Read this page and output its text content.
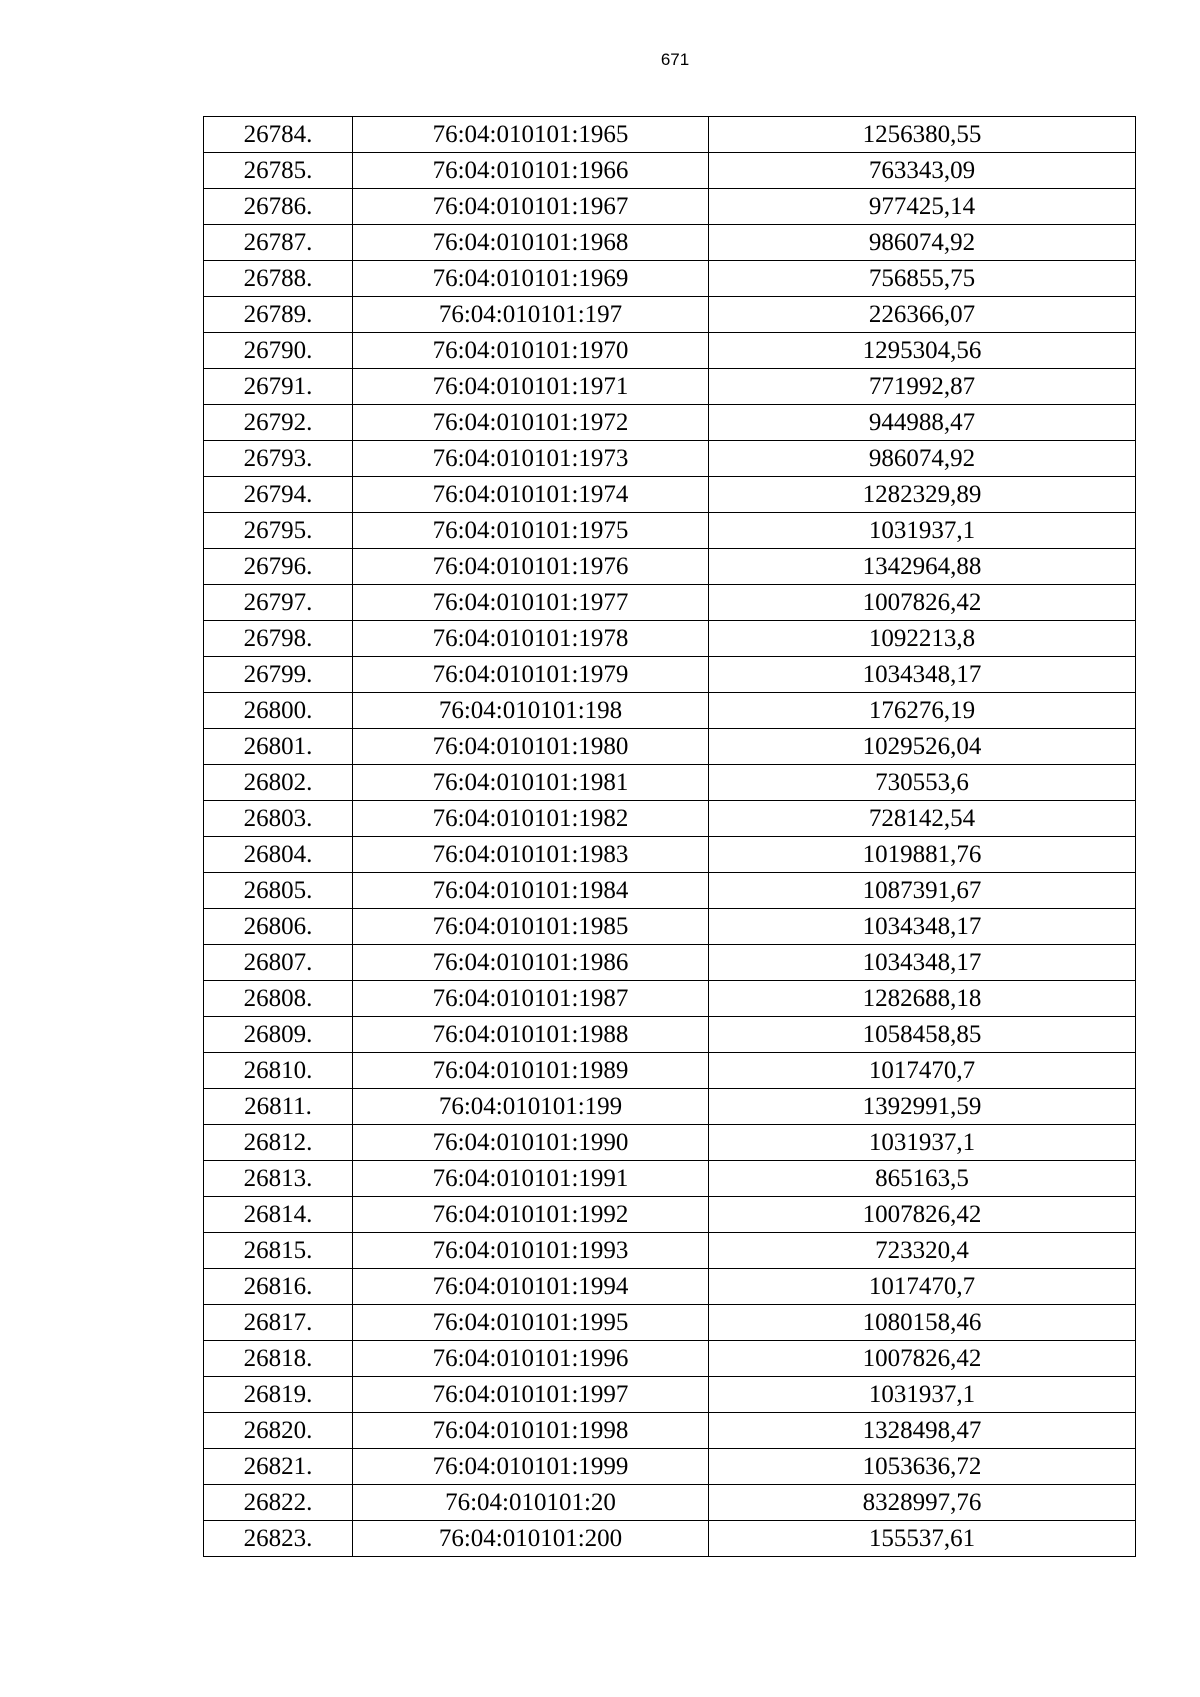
671
26784.	76:04:010101:1965	1256380,55
26785.	76:04:010101:1966	763343,09
26786.	76:04:010101:1967	977425,14
26787.	76:04:010101:1968	986074,92
26788.	76:04:010101:1969	756855,75
26789.	76:04:010101:197	226366,07
26790.	76:04:010101:1970	1295304,56
26791.	76:04:010101:1971	771992,87
26792.	76:04:010101:1972	944988,47
26793.	76:04:010101:1973	986074,92
26794.	76:04:010101:1974	1282329,89
26795.	76:04:010101:1975	1031937,1
26796.	76:04:010101:1976	1342964,88
26797.	76:04:010101:1977	1007826,42
26798.	76:04:010101:1978	1092213,8
26799.	76:04:010101:1979	1034348,17
26800.	76:04:010101:198	176276,19
26801.	76:04:010101:1980	1029526,04
26802.	76:04:010101:1981	730553,6
26803.	76:04:010101:1982	728142,54
26804.	76:04:010101:1983	1019881,76
26805.	76:04:010101:1984	1087391,67
26806.	76:04:010101:1985	1034348,17
26807.	76:04:010101:1986	1034348,17
26808.	76:04:010101:1987	1282688,18
26809.	76:04:010101:1988	1058458,85
26810.	76:04:010101:1989	1017470,7
26811.	76:04:010101:199	1392991,59
26812.	76:04:010101:1990	1031937,1
26813.	76:04:010101:1991	865163,5
26814.	76:04:010101:1992	1007826,42
26815.	76:04:010101:1993	723320,4
26816.	76:04:010101:1994	1017470,7
26817.	76:04:010101:1995	1080158,46
26818.	76:04:010101:1996	1007826,42
26819.	76:04:010101:1997	1031937,1
26820.	76:04:010101:1998	1328498,47
26821.	76:04:010101:1999	1053636,72
26822.	76:04:010101:20	8328997,76
26823.	76:04:010101:200	155537,61
